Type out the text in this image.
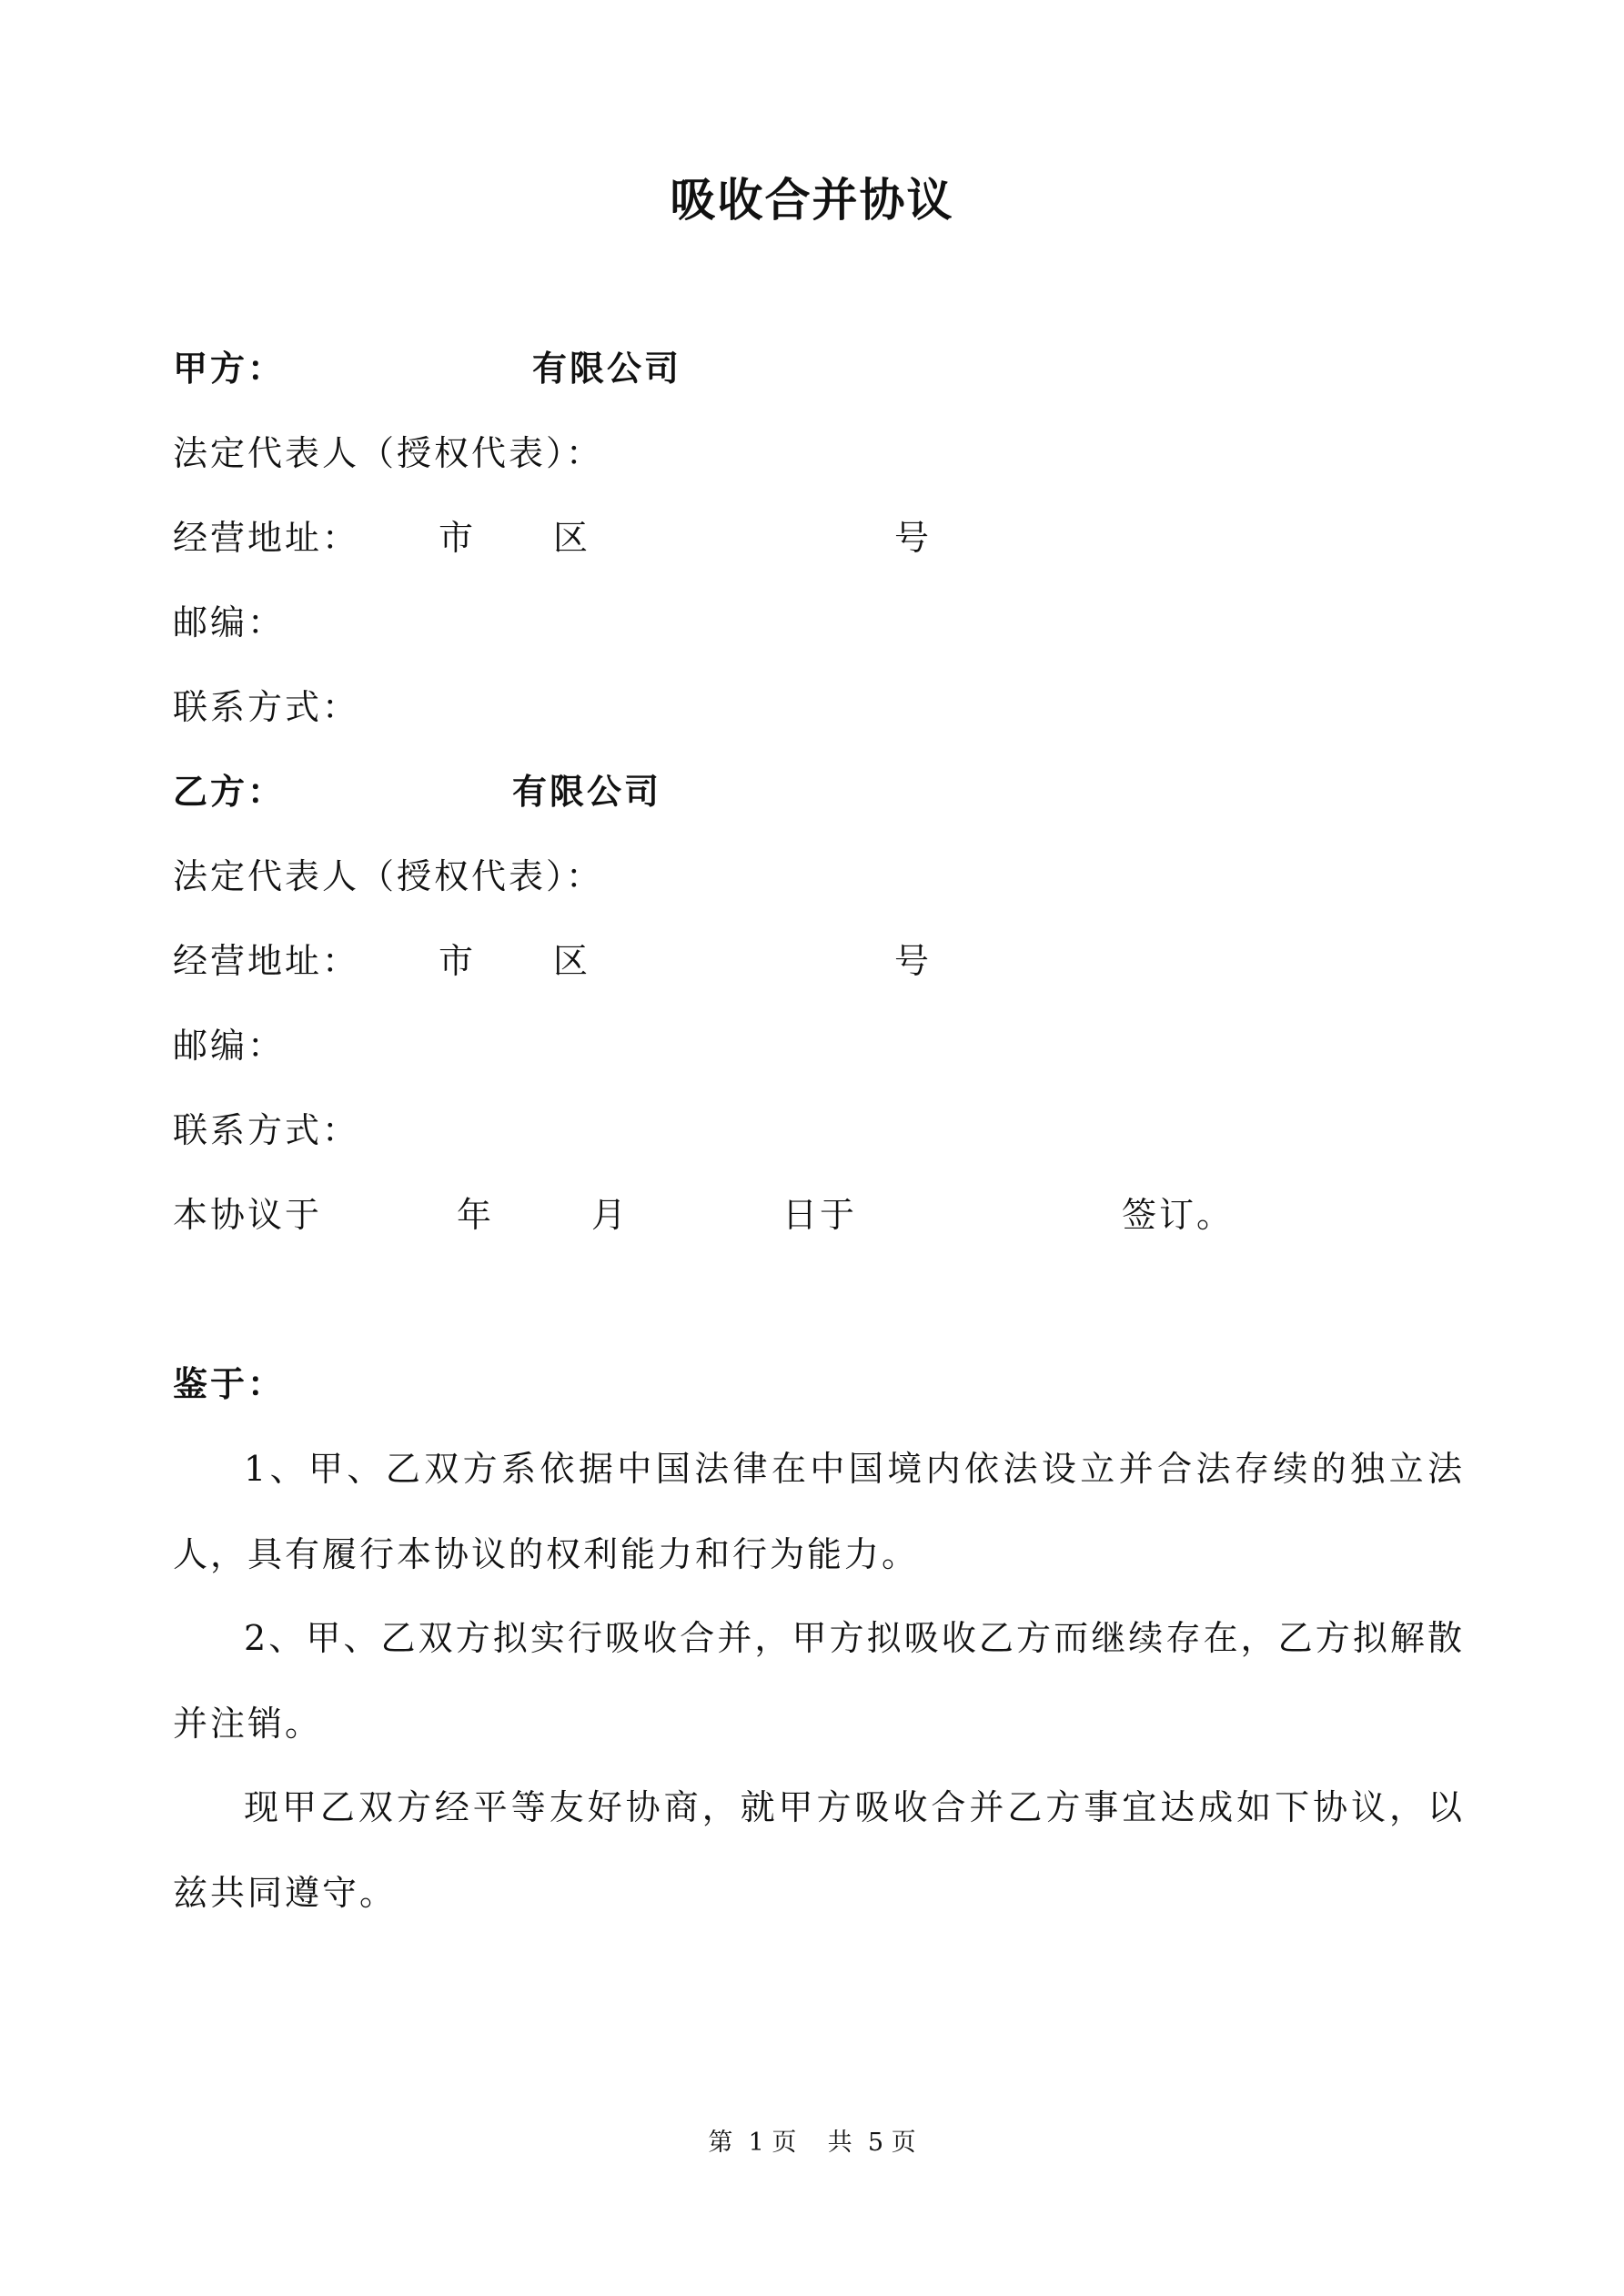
吸收合并协议
甲方：	有限公司
法定代表人（授权代表）：
经营地址： 市 区	号
邮编：
联系方式：
乙方：	有限公司
法定代表人（授权代表）：
经营地址： 市 区	号
邮编：
联系方式：
本协议于	年	月	日于	签订。
鉴于：
1、甲、乙双方系依据中国法律在中国境内依法设立并合法存续的独立法人，具有履行本协议的权利能力和行为能力。
2、甲、乙双方拟实行吸收合并，甲方拟吸收乙方而继续存在，乙方拟解散并注销。
现甲乙双方经平等友好协商，就甲方吸收合并乙方事宜达成如下协议，以兹共同遵守。
第  1 页    共  5 页
